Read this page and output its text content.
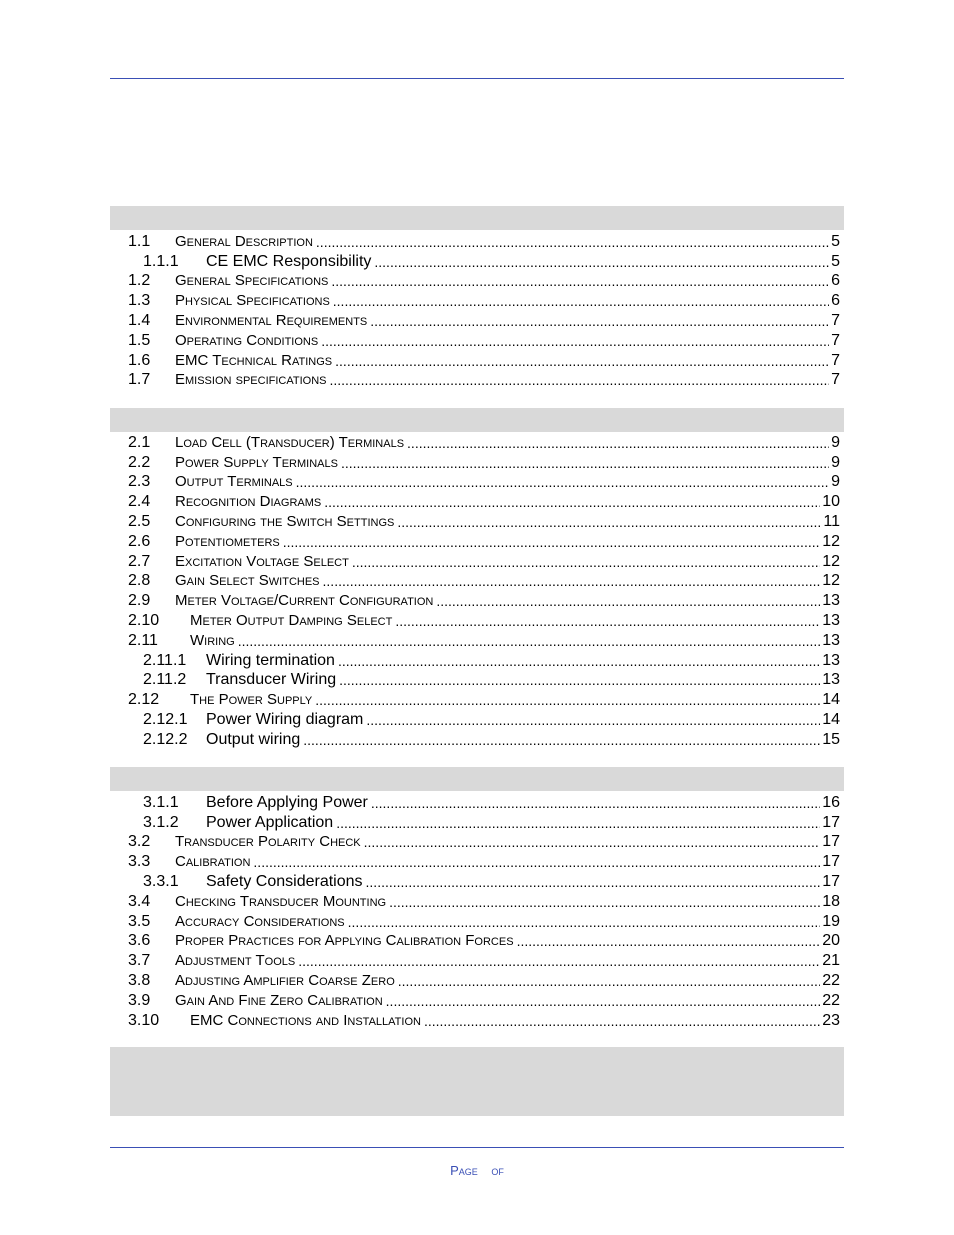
1.1	General Description .....	5
1.1.1	CE EMC Responsibility .....	5
1.2	General Specifications .....	6
1.3	Physical Specifications .....	6
1.4	Environmental Requirements .....	7
1.5	Operating Conditions .....	7
1.6	EMC Technical Ratings .....	7
1.7	Emission specifications .....	7
2.1	Load Cell (Transducer) Terminals .....	9
2.2	Power Supply Terminals .....	9
2.3	Output Terminals .....	9
2.4	Recognition Diagrams .....	10
2.5	Configuring the Switch Settings .....	11
2.6	Potentiometers .....	12
2.7	Excitation Voltage Select .....	12
2.8	Gain Select Switches .....	12
2.9	Meter Voltage/Current Configuration .....	13
2.10	Meter Output Damping Select .....	13
2.11	Wiring .....	13
2.11.1	Wiring termination .....	13
2.11.2	Transducer Wiring .....	13
2.12	The Power Supply .....	14
2.12.1	Power Wiring diagram .....	14
2.12.2	Output wiring .....	15
3.1.1	Before Applying Power .....	16
3.1.2	Power Application .....	17
3.2	Transducer Polarity Check .....	17
3.3	Calibration .....	17
3.3.1	Safety Considerations .....	17
3.4	Checking Transducer Mounting .....	18
3.5	Accuracy Considerations .....	19
3.6	Proper Practices for Applying Calibration Forces .....	20
3.7	Adjustment Tools .....	21
3.8	Adjusting Amplifier Coarse Zero .....	22
3.9	Gain And Fine Zero Calibration .....	22
3.10	EMC Connections and Installation .....	23
Page of
